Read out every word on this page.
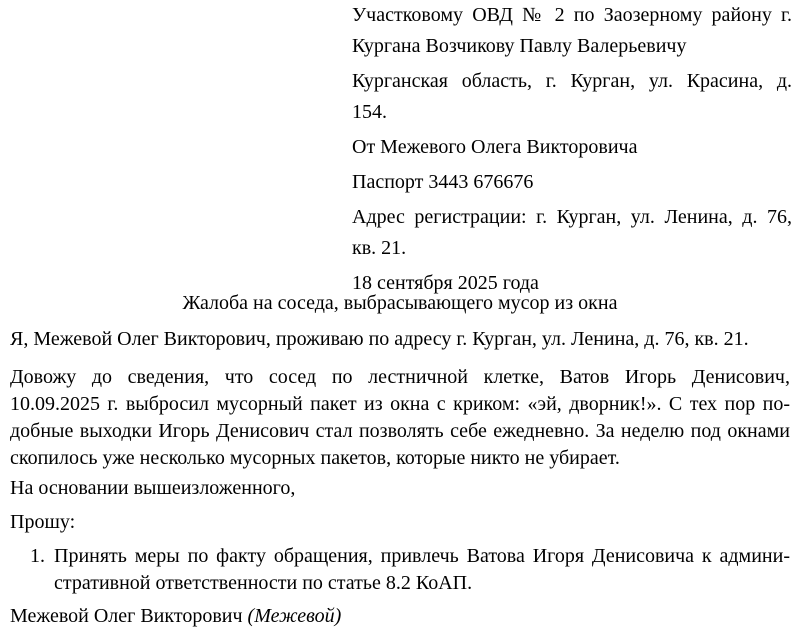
Участковому ОВД № 2 по Заозерному району г.
Кургана Возчикову Павлу Валерьевичу
Курганская область, г. Курган, ул. Красина, д.
154.
От Межевого Олега Викторовича
Паспорт 3443 676676
Адрес регистрации: г. Курган, ул. Ленина, д. 76,
кв. 21.
18 сентября 2025 года
Жалоба на соседа, выбрасывающего мусор из окна
Я, Межевой Олег Викторович, проживаю по адресу г. Курган, ул. Ленина, д. 76, кв. 21.
Довожу до сведения, что сосед по лестничной клетке, Ватов Игорь Денисович,
10.09.2025 г. выбросил мусорный пакет из окна с криком: «эй, дворник!». С тех пор по-
добные выходки Игорь Денисович стал позволять себе ежедневно. За неделю под окнами
скопилось уже несколько мусорных пакетов, которые никто не убирает.
На основании вышеизложенного,
Прошу:
1. Принять меры по факту обращения, привлечь Ватова Игоря Денисовича к админи-
стративной ответственности по статье 8.2 КоАП.
Межевой Олег Викторович (Межевой)
